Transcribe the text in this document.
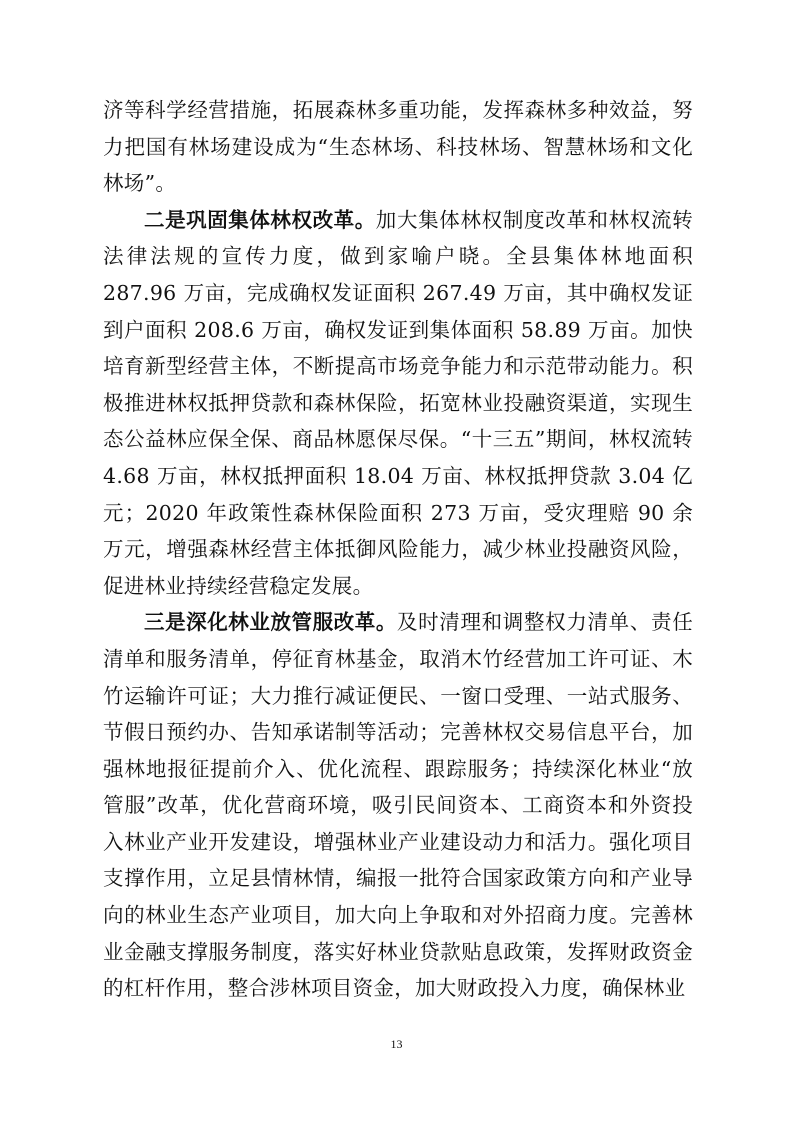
济等科学经营措施，拓展森林多重功能，发挥森林多种效益，努力把国有林场建设成为“生态林场、科技林场、智慧林场和文化林场”。

二是巩固集体林权改革。加大集体林权制度改革和林权流转法律法规的宣传力度，做到家喻户晓。全县集体林地面积 287.96 万亩，完成确权发证面积 267.49 万亩，其中确权发证到户面积 208.6 万亩，确权发证到集体面积 58.89 万亩。加快培育新型经营主体，不断提高市场竞争能力和示范带动能力。积极推进林权抵押贷款和森林保险，拓宽林业投融资渠道，实现生态公益林应保全保、商品林愿保尽保。“十三五”期间，林权流转 4.68 万亩，林权抵押面积 18.04 万亩、林权抵押贷款 3.04 亿元；2020 年政策性森林保险面积 273 万亩，受灾理赔 90 余万元，增强森林经营主体抵御风险能力，减少林业投融资风险，促进林业持续经营稳定发展。

三是深化林业放管服改革。及时清理和调整权力清单、责任清单和服务清单，停征育林基金，取消木竹经营加工许可证、木竹运输许可证；大力推行减证便民、一窗口受理、一站式服务、节假日预约办、告知承诺制等活动；完善林权交易信息平台，加强林地报征提前介入、优化流程、跟踪服务；持续深化林业“放管服”改革，优化营商环境，吸引民间资本、工商资本和外资投入林业产业开发建设，增强林业产业建设动力和活力。强化项目支撑作用，立足县情林情，编报一批符合国家政策方向和产业导向的林业生态产业项目，加大向上争取和对外招商力度。完善林业金融支撑服务制度，落实好林业贷款贴息政策，发挥财政资金的杠杆作用，整合涉林项目资金，加大财政投入力度，确保林业

13
